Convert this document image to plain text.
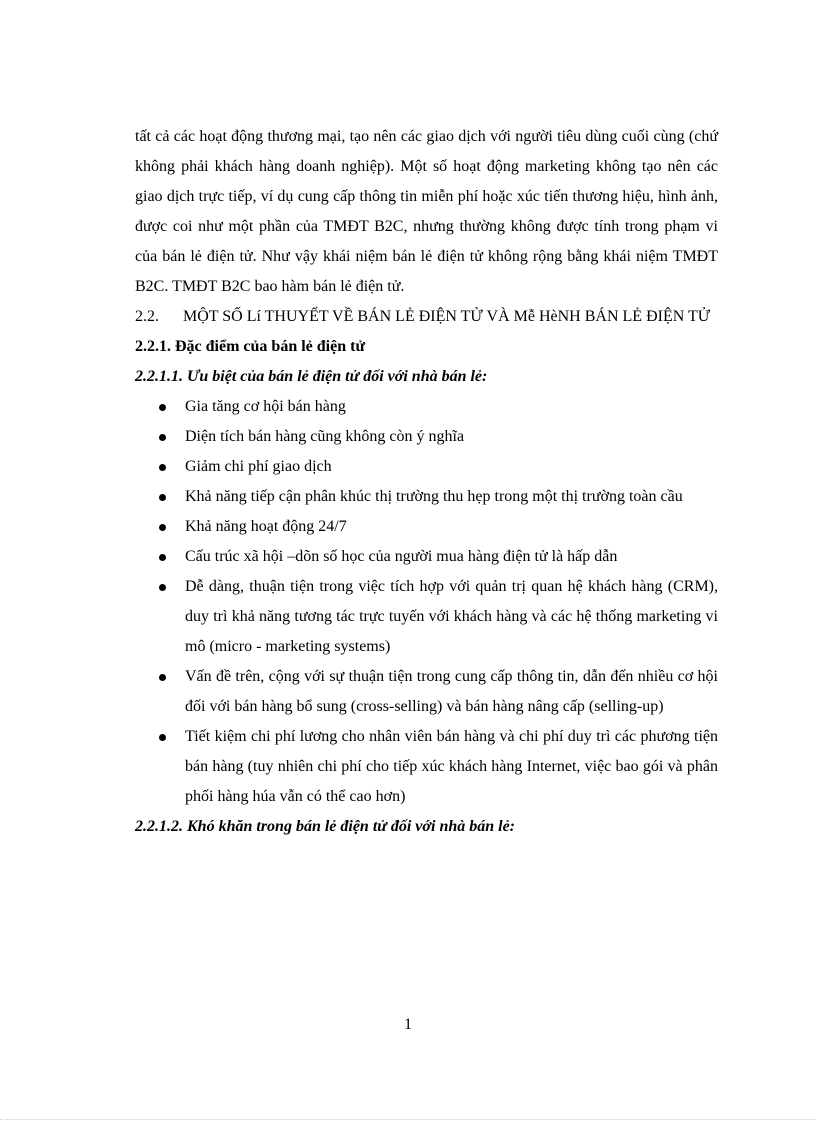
tất cả các hoạt động thương mại, tạo nên các giao dịch với người tiêu dùng cuối cùng (chứ không phải khách hàng doanh nghiệp). Một số hoạt động marketing không tạo nên các giao dịch trực tiếp, ví dụ cung cấp thông tin miễn phí hoặc xúc tiến thương hiệu, hình ảnh, được coi như một phần của TMĐT B2C, nhưng thường không được tính trong phạm vi của bán lẻ điện tử. Như vậy khái niệm bán lẻ điện tử không rộng bằng khái niệm TMĐT B2C. TMĐT B2C bao hàm bán lẻ điện tử.

2.2.	MỘT SỐ Lí THUYẾT VỀ BÁN LẺ ĐIỆN TỬ VÀ Mễ HèNH BÁN LẺ ĐIỆN TỬ

2.2.1. Đặc điểm của bán lẻ điện tử

2.2.1.1. Ưu biệt của bán lẻ điện tử đối với nhà bán lẻ:

Gia tăng cơ hội bán hàng
Diện tích bán hàng cũng không còn ý nghĩa
Giảm chi phí giao dịch
Khả năng tiếp cận phân khúc thị trường thu hẹp trong một thị trường toàn cầu
Khả năng hoạt động 24/7
Cấu trúc xã hội –dõn số học của người mua hàng điện tử là hấp dẫn
Dễ dàng, thuận tiện trong việc tích hợp với quản trị quan hệ khách hàng (CRM), duy trì khả năng tương tác trực tuyến với khách hàng và các hệ thống marketing vi mô (micro - marketing systems)
Vấn đề trên, cộng với sự thuận tiện trong cung cấp thông tin, dẫn đến nhiều cơ hội đối với bán hàng bổ sung (cross-selling) và bán hàng nâng cấp (selling-up)
Tiết kiệm chi phí lương cho nhân viên bán hàng và chi phí duy trì các phương tiện bán hàng (tuy nhiên chi phí cho tiếp xúc khách hàng Internet, việc bao gói và phân phối hàng húa vẫn có thể cao hơn)

2.2.1.2. Khó khăn trong bán lẻ điện tử đối với nhà bán lẻ:

1
